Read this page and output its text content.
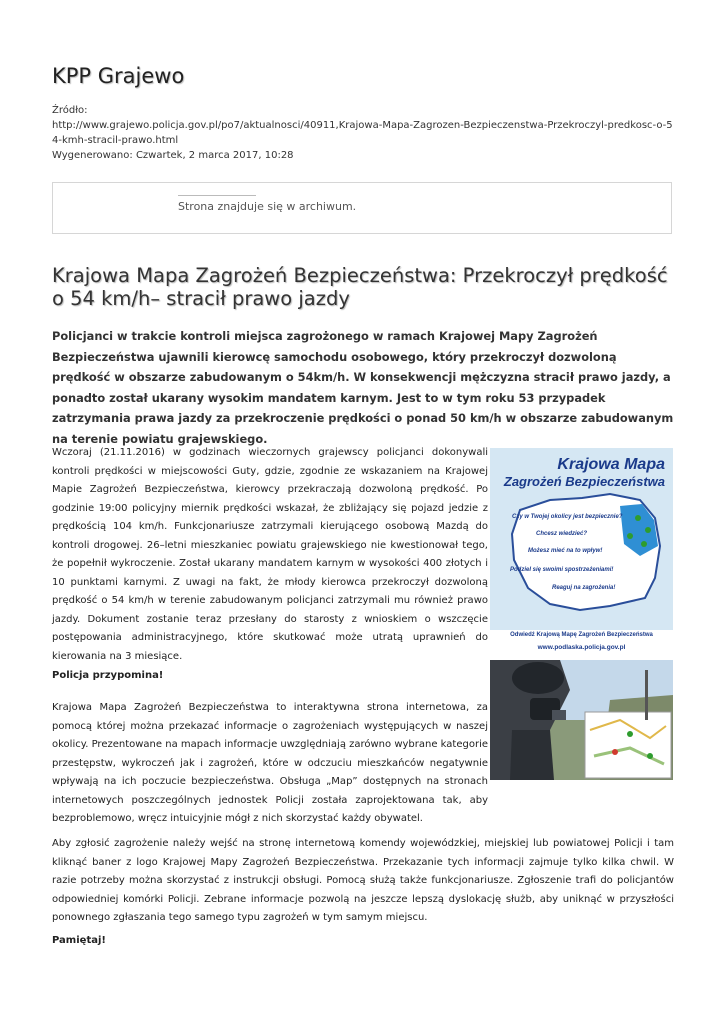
KPP Grajewo
Źródło:
http://www.grajewo.policja.gov.pl/po7/aktualnosci/40911,Krajowa-Mapa-Zagrozen-Bezpieczenstwa-Przekroczyl-predkosc-o-54-kmh-stracil-prawo.html
Wygenerowano: Czwartek, 2 marca 2017, 10:28
Strona znajduje się w archiwum.
Krajowa Mapa Zagrożeń Bezpieczeństwa: Przekroczył prędkość o 54 km/h– stracił prawo jazdy

Policjanci w trakcie kontroli miejsca zagrożonego w ramach Krajowej Mapy Zagrożeń Bezpieczeństwa ujawnili kierowcę samochodu osobowego, który przekroczył dozwoloną prędkość w obszarze zabudowanym o 54km/h. W konsekwencji mężczyzna stracił prawo jazdy, a ponadto został ukarany wysokim mandatem karnym. Jest to w tym roku 53 przypadek zatrzymania prawa jazdy za przekroczenie prędkości o ponad 50 km/h w obszarze zabudowanym na terenie powiatu grajewskiego.

Wczoraj (21.11.2016) w godzinach wieczornych grajewscy policjanci dokonywali kontroli prędkości w miejscowości Guty, gdzie, zgodnie ze wskazaniem na Krajowej Mapie Zagrożeń Bezpieczeństwa, kierowcy przekraczają dozwoloną prędkość. Po godzinie 19:00 policyjny miernik prędkości wskazał, że zbliżający się pojazd jedzie z prędkością 104 km/h. Funkcjonariusze zatrzymali kierującego osobową Mazdą do kontroli drogowej. 26–letni mieszkaniec powiatu grajewskiego nie kwestionował tego, że popełnił wykroczenie. Został ukarany mandatem karnym w wysokości 400 złotych i 10 punktami karnymi. Z uwagi na fakt, że młody kierowca przekroczył dozwoloną prędkość o 54 km/h w terenie zabudowanym policjanci zatrzymali mu również prawo jazdy. Dokument zostanie teraz przesłany do starosty z wnioskiem o wszczęcie postępowania administracyjnego, które skutkować może utratą uprawnień do kierowania na 3 miesiące.

Krajowa Mapa
Zagrożeń Bezpieczeństwa
Czy w Twojej okolicy jest bezpiecznie?
Chcesz wiedzieć?
Możesz mieć na to wpływ!
Podziel się swoimi spostrzeżeniami!
Reaguj na zagrożenia!
Odwiedź Krajową Mapę Zagrożeń Bezpieczeństwa
www.podlaska.policja.gov.pl
Policja przypomina!

Krajowa Mapa Zagrożeń Bezpieczeństwa to interaktywna strona internetowa, za pomocą której można przekazać informacje o zagrożeniach występujących w naszej okolicy. Prezentowane na mapach informacje uwzględniają zarówno wybrane kategorie przestępstw, wykroczeń jak i zagrożeń, które w odczuciu mieszkańców negatywnie wpływają na ich poczucie bezpieczeństwa. Obsługa „Map” dostępnych na stronach internetowych poszczególnych jednostek Policji została zaprojektowana tak, aby bezproblemowo, wręcz intuicyjnie mógł z nich skorzystać każdy obywatel.

Aby zgłosić zagrożenie należy wejść na stronę internetową komendy wojewódzkiej, miejskiej lub powiatowej Policji i tam kliknąć baner z logo Krajowej Mapy Zagrożeń Bezpieczeństwa. Przekazanie tych informacji zajmuje tylko kilka chwil. W razie potrzeby można skorzystać z instrukcji obsługi. Pomocą służą także funkcjonariusze. Zgłoszenie trafi do policjantów odpowiedniej komórki Policji. Zebrane informacje pozwolą na jeszcze lepszą dyslokację służb, aby uniknąć w przyszłości ponownego zgłaszania tego samego typu zagrożeń w tym samym miejscu.

Pamiętaj!
